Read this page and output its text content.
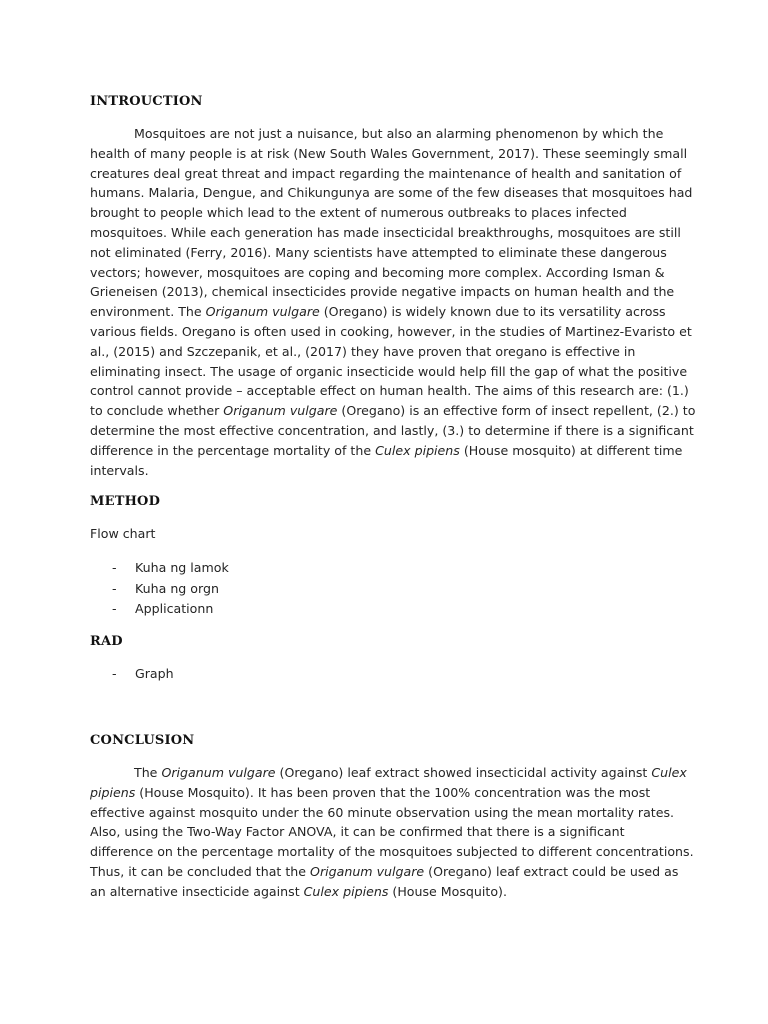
INTROUCTION

Mosquitoes are not just a nuisance, but also an alarming phenomenon by which the
health of many people is at risk (New South Wales Government, 2017). These seemingly small
creatures deal great threat and impact regarding the maintenance of health and sanitation of
humans. Malaria, Dengue, and Chikungunya are some of the few diseases that mosquitoes had
brought to people which lead to the extent of numerous outbreaks to places infected
mosquitoes. While each generation has made insecticidal breakthroughs, mosquitoes are still
not eliminated (Ferry, 2016). Many scientists have attempted to eliminate these dangerous
vectors; however, mosquitoes are coping and becoming more complex. According Isman &
Grieneisen (2013), chemical insecticides provide negative impacts on human health and the
environment. The Origanum vulgare (Oregano) is widely known due to its versatility across
various fields. Oregano is often used in cooking, however, in the studies of Martinez-Evaristo et
al., (2015) and Szczepanik, et al., (2017) they have proven that oregano is effective in
eliminating insect. The usage of organic insecticide would help fill the gap of what the positive
control cannot provide – acceptable effect on human health. The aims of this research are: (1.)
to conclude whether Origanum vulgare (Oregano) is an effective form of insect repellent, (2.) to
determine the most effective concentration, and lastly, (3.) to determine if there is a significant
difference in the percentage mortality of the Culex pipiens (House mosquito) at different time
intervals.

METHOD
Flow chart
- Kuha ng lamok
- Kuha ng orgn
- Applicationn
RAD
- Graph
CONCLUSION

The Origanum vulgare (Oregano) leaf extract showed insecticidal activity against Culex
pipiens (House Mosquito). It has been proven that the 100% concentration was the most
effective against mosquito under the 60 minute observation using the mean mortality rates.
Also, using the Two-Way Factor ANOVA, it can be confirmed that there is a significant
difference on the percentage mortality of the mosquitoes subjected to different concentrations.
Thus, it can be concluded that the Origanum vulgare (Oregano) leaf extract could be used as
an alternative insecticide against Culex pipiens (House Mosquito).
